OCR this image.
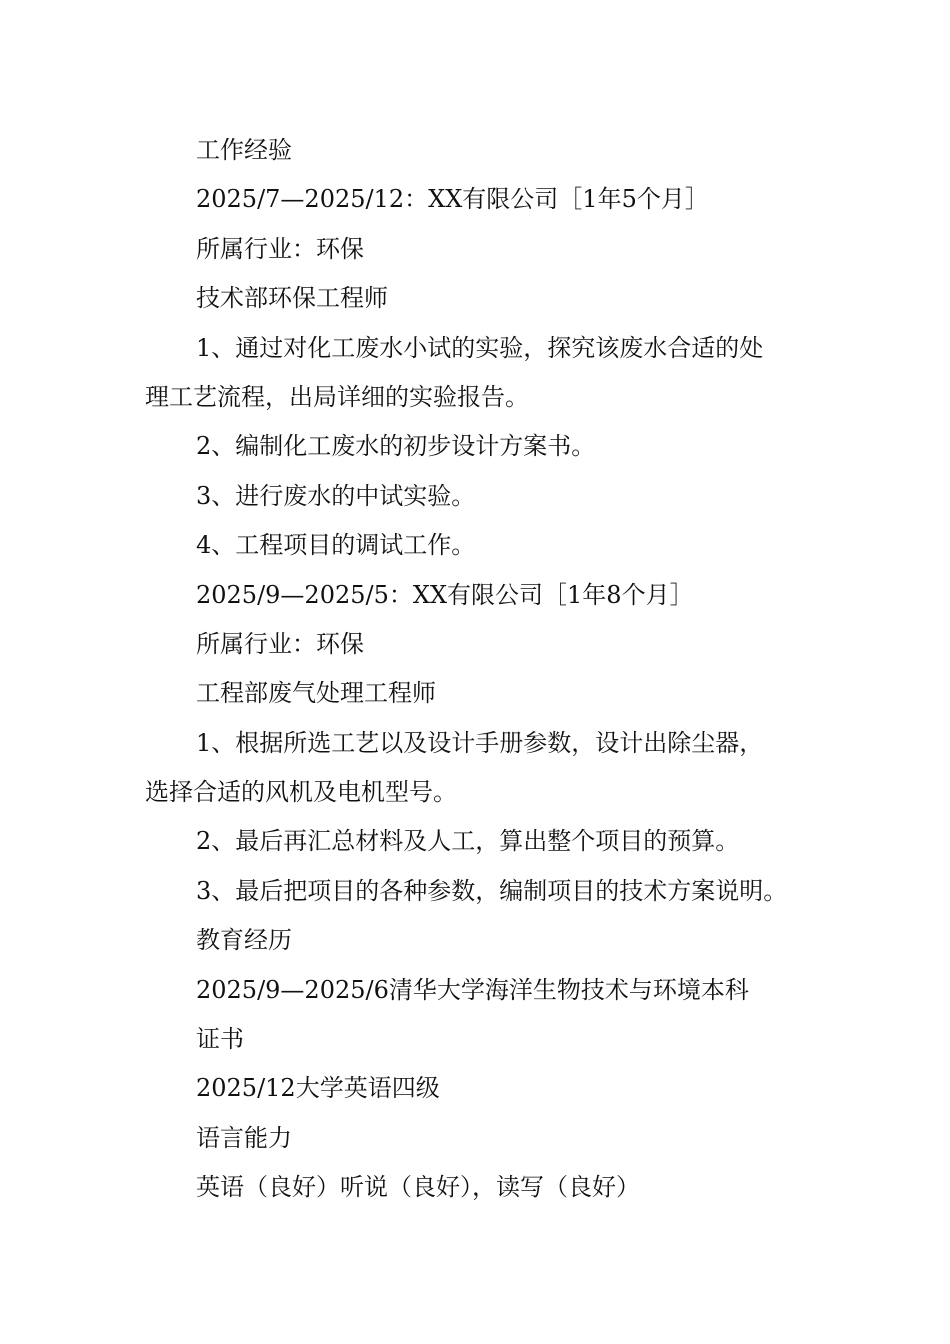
工作经验

2025/7—2025/12：XX有限公司［1年5个月］

所属行业：环保

技术部环保工程师

1、通过对化工废水小试的实验，探究该废水合适的处

理工艺流程，出局详细的实验报告。

2、编制化工废水的初步设计方案书。

3、进行废水的中试实验。

4、工程项目的调试工作。

2025/9—2025/5：XX有限公司［1年8个月］

所属行业：环保

工程部废气处理工程师

1、根据所选工艺以及设计手册参数，设计出除尘器，

选择合适的风机及电机型号。

2、最后再汇总材料及人工，算出整个项目的预算。

3、最后把项目的各种参数，编制项目的技术方案说明。

教育经历

2025/9—2025/6清华大学海洋生物技术与环境本科

证书

2025/12大学英语四级

语言能力

英语（良好）听说（良好），读写（良好）
